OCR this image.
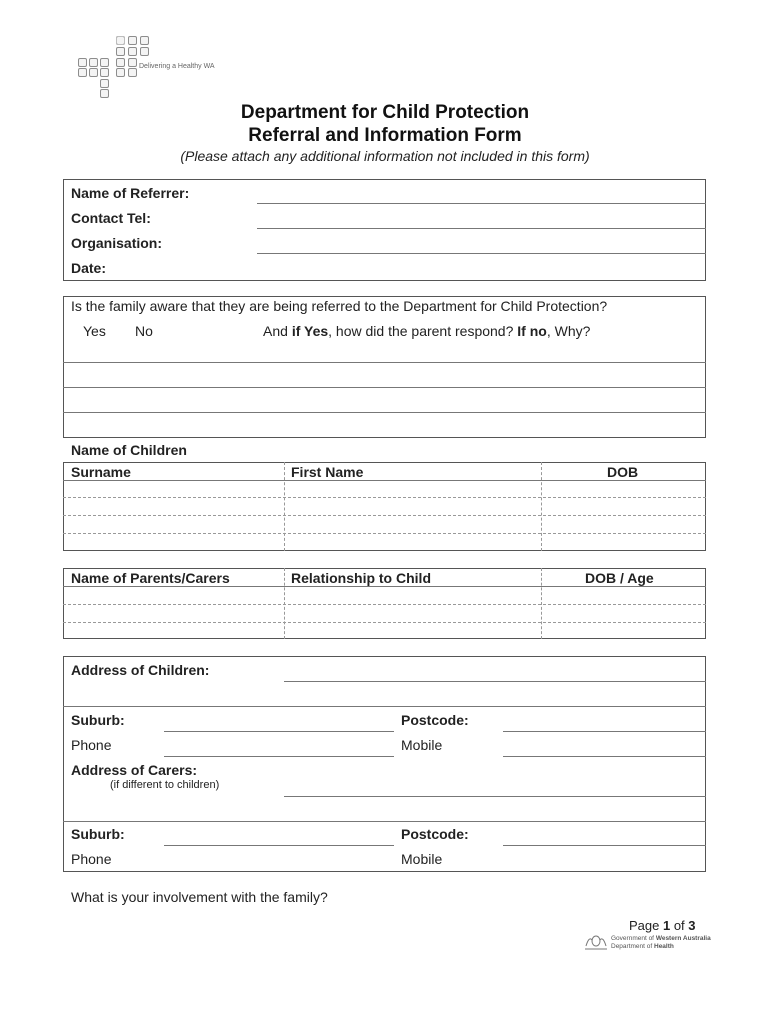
Delivering a Healthy WA
Department for Child Protection
Referral and Information Form
(Please attach any additional information not included in this form)
Name of Referrer:
Contact Tel:
Organisation:
Date:
Is the family aware that they are being referred to the Department for Child Protection?
Yes No	And if Yes, how did the parent respond? If no, Why?
Name of Children
Surname	First Name	DOB
Name of Parents/Carers	Relationship to Child	DOB / Age
Address of Children:
Suburb:	Postcode:
Phone	Mobile
Address of Carers:
(if different to children)
Suburb:	Postcode:
Phone	Mobile
What is your involvement with the family?
Page 1 of 3
Government of Western Australia
Department of Health
